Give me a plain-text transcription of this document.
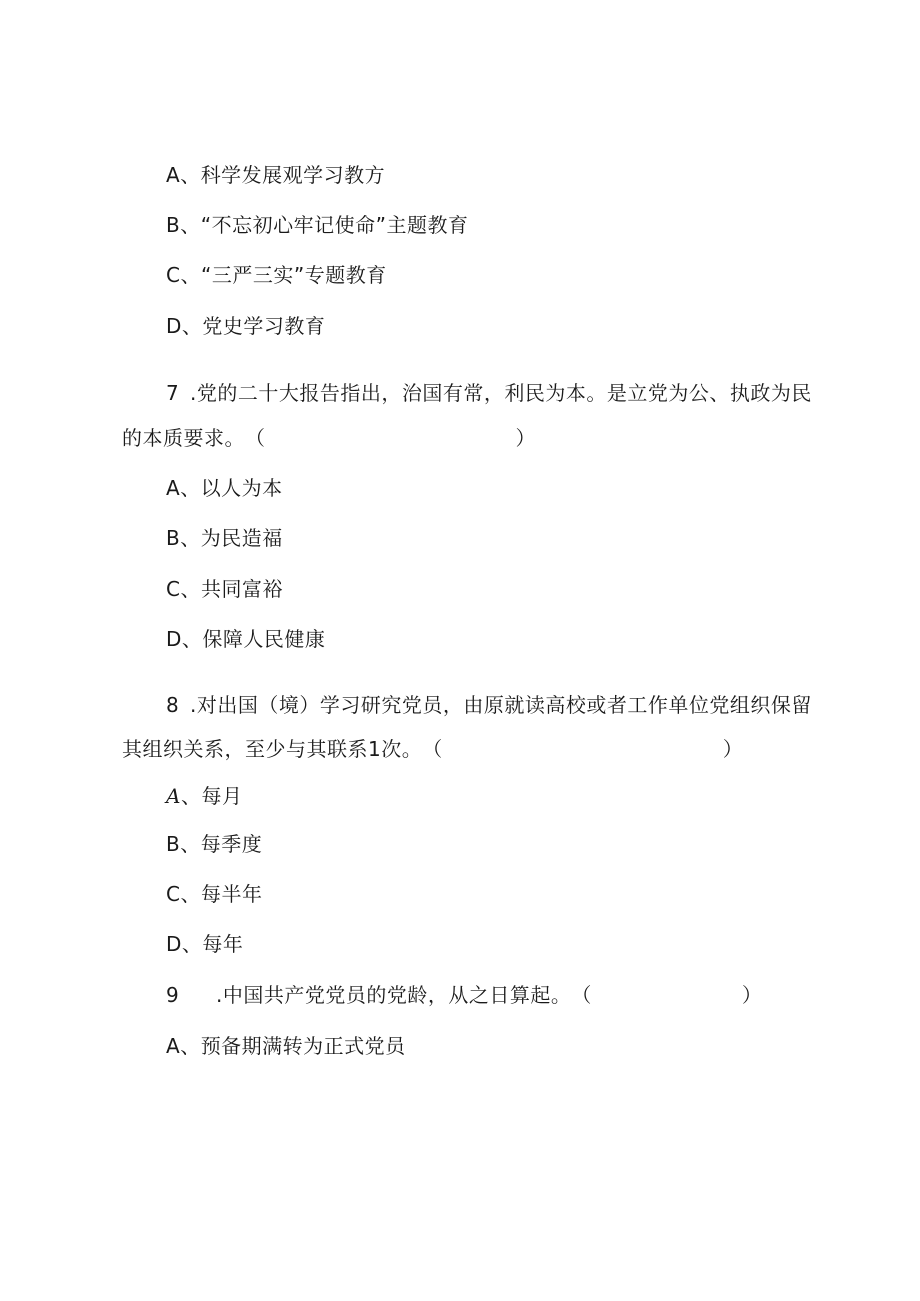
A、科学发展观学习教方
B、“不忘初心牢记使命”主题教育
C、“三严三实”专题教育
D、党史学习教育
7 .党的二十大报告指出，治国有常，利民为本。是立党为公、执政为民
的本质要求。（	）
A、以人为本
B、为民造福
C、共同富裕
D、保障人民健康
8 .对出国（境）学习研究党员，由原就读高校或者工作单位党组织保留
其组织关系，至少与其联系1次。（	）
A、每月
B、每季度
C、每半年
D、每年
9 .中国共产党党员的党龄，从之日算起。（	）
A、预备期满转为正式党员
